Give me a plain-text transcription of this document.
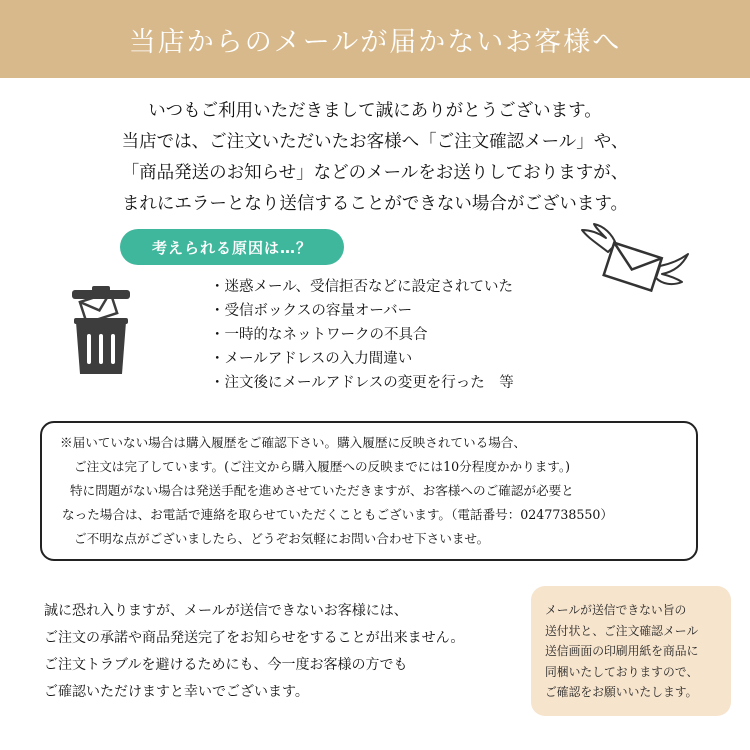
当店からのメールが届かないお客様へ
いつもご利用いただきまして誠にありがとうございます。
当店では、ご注文いただいたお客様へ「ご注文確認メール」や、
「商品発送のお知らせ」などのメールをお送りしておりますが、
まれにエラーとなり送信することができない場合がございます。
考えられる原因は…？
・迷惑メール、受信拒否などに設定されていた
・受信ボックスの容量オーバー
・一時的なネットワークの不具合
・メールアドレスの入力間違い
・注文後にメールアドレスの変更を行った　等
※届いていない場合は購入履歴をご確認下さい。購入履歴に反映されている場合、
ご注文は完了しています。(ご注文から購入履歴への反映までには10分程度かかります。)
特に問題がない場合は発送手配を進めさせていただきますが、お客様へのご確認が必要と
なった場合は、お電話で連絡を取らせていただくこともございます。（電話番号：0247738550）
ご不明な点がございましたら、どうぞお気軽にお問い合わせ下さいませ。
誠に恐れ入りますが、メールが送信できないお客様には、
ご注文の承諾や商品発送完了をお知らせをすることが出来ません。
ご注文トラブルを避けるためにも、今一度お客様の方でも
ご確認いただけますと幸いでございます。
メールが送信できない旨の
送付状と、ご注文確認メール
送信画面の印刷用紙を商品に
同梱いたしておりますので、
ご確認をお願いいたします。
